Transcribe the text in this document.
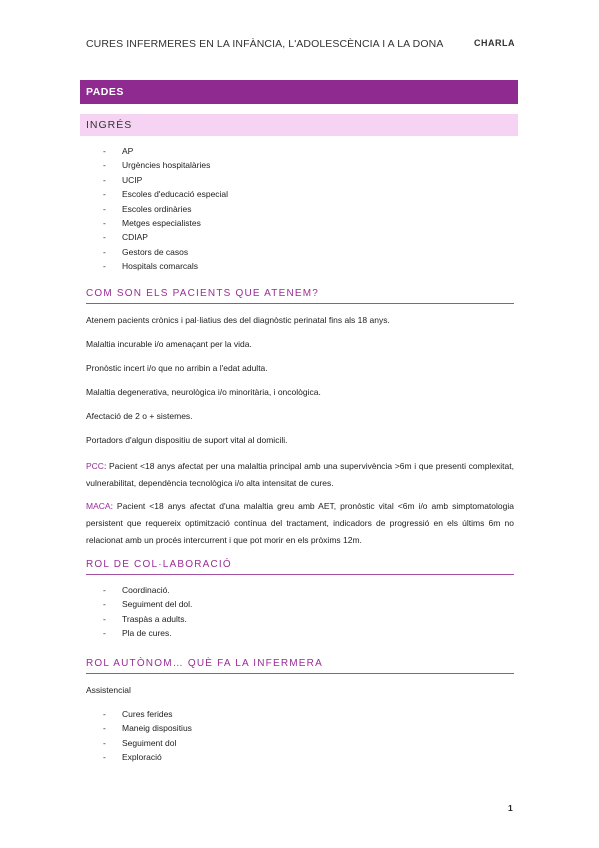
CURES INFERMERES EN LA INFÀNCIA, L'ADOLESCÈNCIA I A LA DONA	CHARLA
PADES
INGRÉS
- AP
- Urgències hospitalàries
- UCIP
- Escoles d'educació especial
- Escoles ordinàries
- Metges especialistes
- CDIAP
- Gestors de casos
- Hospitals comarcals
COM SON ELS PACIENTS QUE ATENEM?
Atenem pacients crònics i pal·liatius des del diagnòstic perinatal fins als 18 anys.
Malaltia incurable i/o amenaçant per la vida.
Pronòstic incert i/o que no arribin a l'edat adulta.
Malaltia degenerativa, neurològica i/o minoritària, i oncològica.
Afectació de 2 o + sistemes.
Portadors d'algun dispositiu de suport vital al domicili.
PCC: Pacient <18 anys afectat per una malaltia principal amb una supervivència >6m i que presenti complexitat, vulnerabilitat, dependència tecnològica i/o alta intensitat de cures.
MACA: Pacient <18 anys afectat d'una malaltia greu amb AET, pronòstic vital <6m i/o amb simptomatologia persistent que requereix optimització contínua del tractament, indicadors de progressió en els últims 6m no relacionat amb un procés intercurrent i que pot morir en els pròxims 12m.
ROL DE COL·LABORACIÓ
- Coordinació.
- Seguiment del dol.
- Traspàs a adults.
- Pla de cures.
ROL AUTÒNOM… QUÈ FA LA INFERMERA
Assistencial
- Cures ferides
- Maneig dispositius
- Seguiment dol
- Exploració
1
